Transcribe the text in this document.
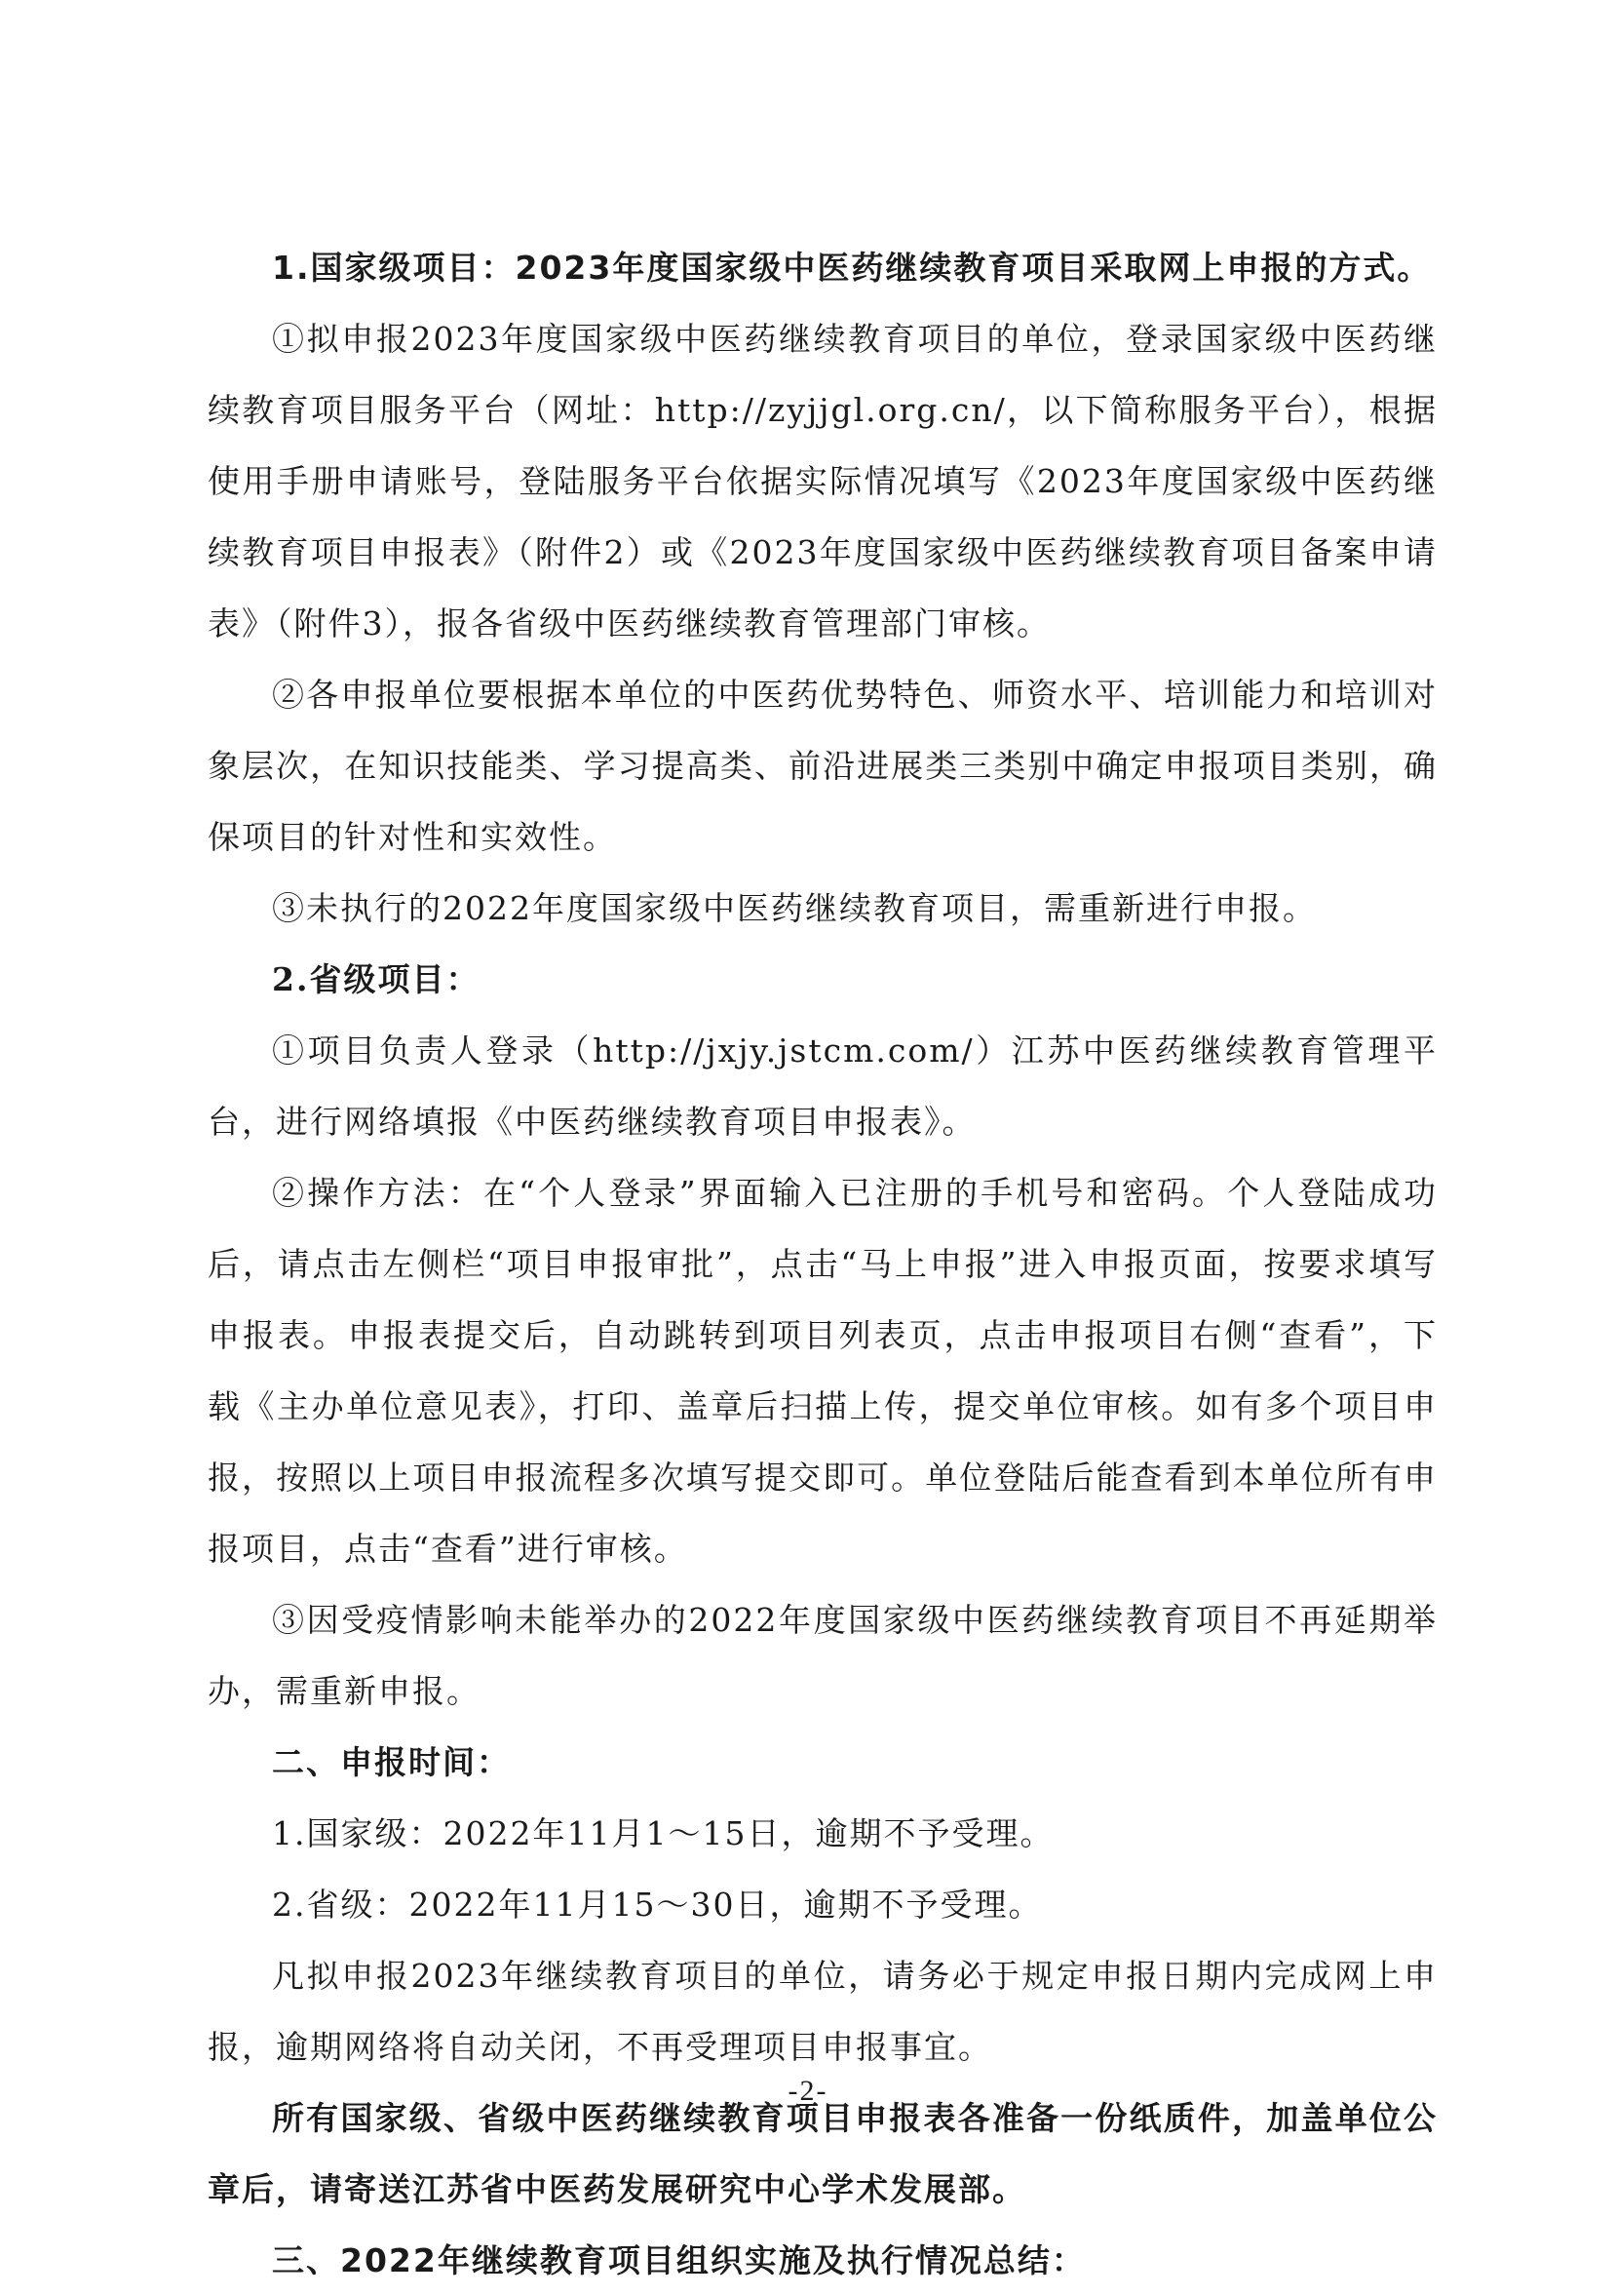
1.国家级项目：2023年度国家级中医药继续教育项目采取网上申报的方式。

①拟申报2023年度国家级中医药继续教育项目的单位，登录国家级中医药继续教育项目服务平台（网址：http://zyjjgl.org.cn/，以下简称服务平台），根据使用手册申请账号，登陆服务平台依据实际情况填写《2023年度国家级中医药继续教育项目申报表》（附件2）或《2023年度国家级中医药继续教育项目备案申请表》（附件3），报各省级中医药继续教育管理部门审核。

②各申报单位要根据本单位的中医药优势特色、师资水平、培训能力和培训对象层次，在知识技能类、学习提高类、前沿进展类三类别中确定申报项目类别，确保项目的针对性和实效性。

③未执行的2022年度国家级中医药继续教育项目，需重新进行申报。

2.省级项目：

①项目负责人登录（http://jxjy.jstcm.com/）江苏中医药继续教育管理平台，进行网络填报《中医药继续教育项目申报表》。

②操作方法：在“个人登录”界面输入已注册的手机号和密码。个人登陆成功后，请点击左侧栏“项目申报审批”，点击“马上申报”进入申报页面，按要求填写申报表。申报表提交后，自动跳转到项目列表页，点击申报项目右侧“查看”，下载《主办单位意见表》，打印、盖章后扫描上传，提交单位审核。如有多个项目申报，按照以上项目申报流程多次填写提交即可。单位登陆后能查看到本单位所有申报项目，点击“查看”进行审核。

③因受疫情影响未能举办的2022年度国家级中医药继续教育项目不再延期举办，需重新申报。

二、申报时间：

1.国家级：2022年11月1～15日，逾期不予受理。

2.省级：2022年11月15～30日，逾期不予受理。

凡拟申报2023年继续教育项目的单位，请务必于规定申报日期内完成网上申报，逾期网络将自动关闭，不再受理项目申报事宜。

所有国家级、省级中医药继续教育项目申报表各准备一份纸质件，加盖单位公章后，请寄送江苏省中医药发展研究中心学术发展部。

三、2022年继续教育项目组织实施及执行情况总结：

-2-
